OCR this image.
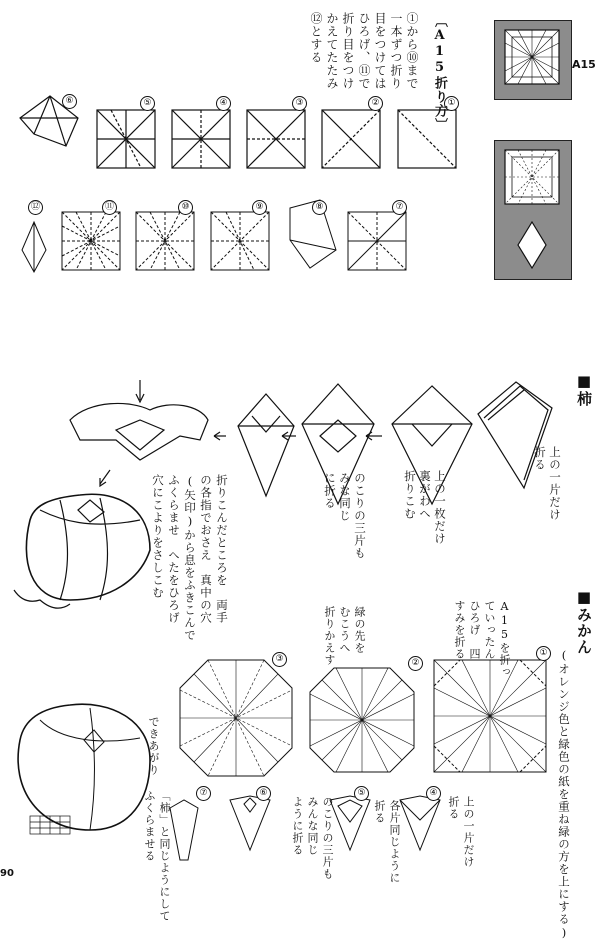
A15
①
②
③
④
⑤
⑥
⑦
⑧
⑨
⑩
⑪
⑫
①
②
③
④
⑤
⑥
⑦
〔A15折り方〕
①から⑩まで
一本ずつ折り
目をつけては
ひろげ、⑪で
折り目をつけ
かえてたたみ
⑫とする
■柿
上の一片だけ
折る
上の一枚だけ
裏がわへ
折りこむ
のこりの三片も
みな同じ
に折る
折りこんだところを　両手
の各指でおさえ　真中の穴
(矢印)から息をふきこんで
ふくらませ　へたをひろげ
穴にこよりをさしこむ
■みかん
(オレンジ色と緑色の紙を重ね緑の方を上にする)
A15を折っ
ていったん
ひろげ　四
すみを折る
緑の先を
むこうへ
折りかえす
上の一片だけ
折る
各片同じように
折る
のこりの三片も
みんな同じ
ように折る
「柿」と同じようにして
ふくらませる
できあがり
90
